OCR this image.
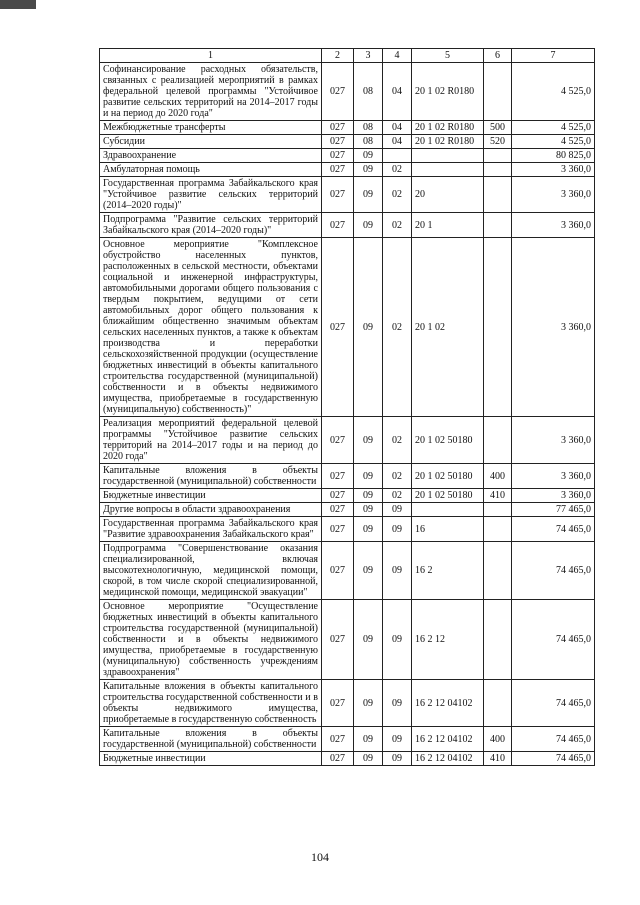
1	2	3	4	5	6	7
Софинансирование расходных обязательств, связанных с реализацией мероприятий в рамках федеральной целевой программы "Устойчивое развитие сельских территорий на 2014–2017 годы и на период до 2020 года"	027	08	04	20 1 02 R0180		4 525,0
Межбюджетные трансферты	027	08	04	20 1 02 R0180	500	4 525,0
Субсидии	027	08	04	20 1 02 R0180	520	4 525,0
Здравоохранение	027	09				80 825,0
Амбулаторная помощь	027	09	02			3 360,0
Государственная программа Забайкальского края "Устойчивое развитие сельских территорий (2014–2020 годы)"	027	09	02	20		3 360,0
Подпрограмма "Развитие сельских территорий Забайкальского края (2014–2020 годы)"	027	09	02	20 1		3 360,0
Основное мероприятие "Комплексное обустройство населенных пунктов, расположенных в сельской местности, объектами социальной и инженерной инфраструктуры, автомобильными дорогами общего пользования с твердым покрытием, ведущими от сети автомобильных дорог общего пользования к ближайшим общественно значимым объектам сельских населенных пунктов, а также к объектам производства и переработки сельскохозяйственной продукции (осуществление бюджетных инвестиций в объекты капитального строительства государственной (муниципальной) собственности и в объекты недвижимого имущества, приобретаемые в государственную (муниципальную) собственность)"	027	09	02	20 1 02		3 360,0
Реализация мероприятий федеральной целевой программы "Устойчивое развитие сельских территорий на 2014–2017 годы и на период до 2020 года"	027	09	02	20 1 02 50180		3 360,0
Капитальные вложения в объекты государственной (муниципальной) собственности	027	09	02	20 1 02 50180	400	3 360,0
Бюджетные инвестиции	027	09	02	20 1 02 50180	410	3 360,0
Другие вопросы в области здравоохранения	027	09	09			77 465,0
Государственная программа Забайкальского края "Развитие здравоохранения Забайкальского края"	027	09	09	16		74 465,0
Подпрограмма "Совершенствование оказания специализированной, включая высокотехнологичную, медицинской помощи, скорой, в том числе скорой специализированной, медицинской помощи, медицинской эвакуации"	027	09	09	16 2		74 465,0
Основное мероприятие "Осуществление бюджетных инвестиций в объекты капитального строительства государственной (муниципальной) собственности и в объекты недвижимого имущества, приобретаемые в государственную (муниципальную) собственность учреждениям здравоохранения"	027	09	09	16 2 12		74 465,0
Капитальные вложения в объекты капитального строительства государственной собственности и в объекты недвижимого имущества, приобретаемые в государственную собственность	027	09	09	16 2 12 04102		74 465,0
Капитальные вложения в объекты государственной (муниципальной) собственности	027	09	09	16 2 12 04102	400	74 465,0
Бюджетные инвестиции	027	09	09	16 2 12 04102	410	74 465,0
104
